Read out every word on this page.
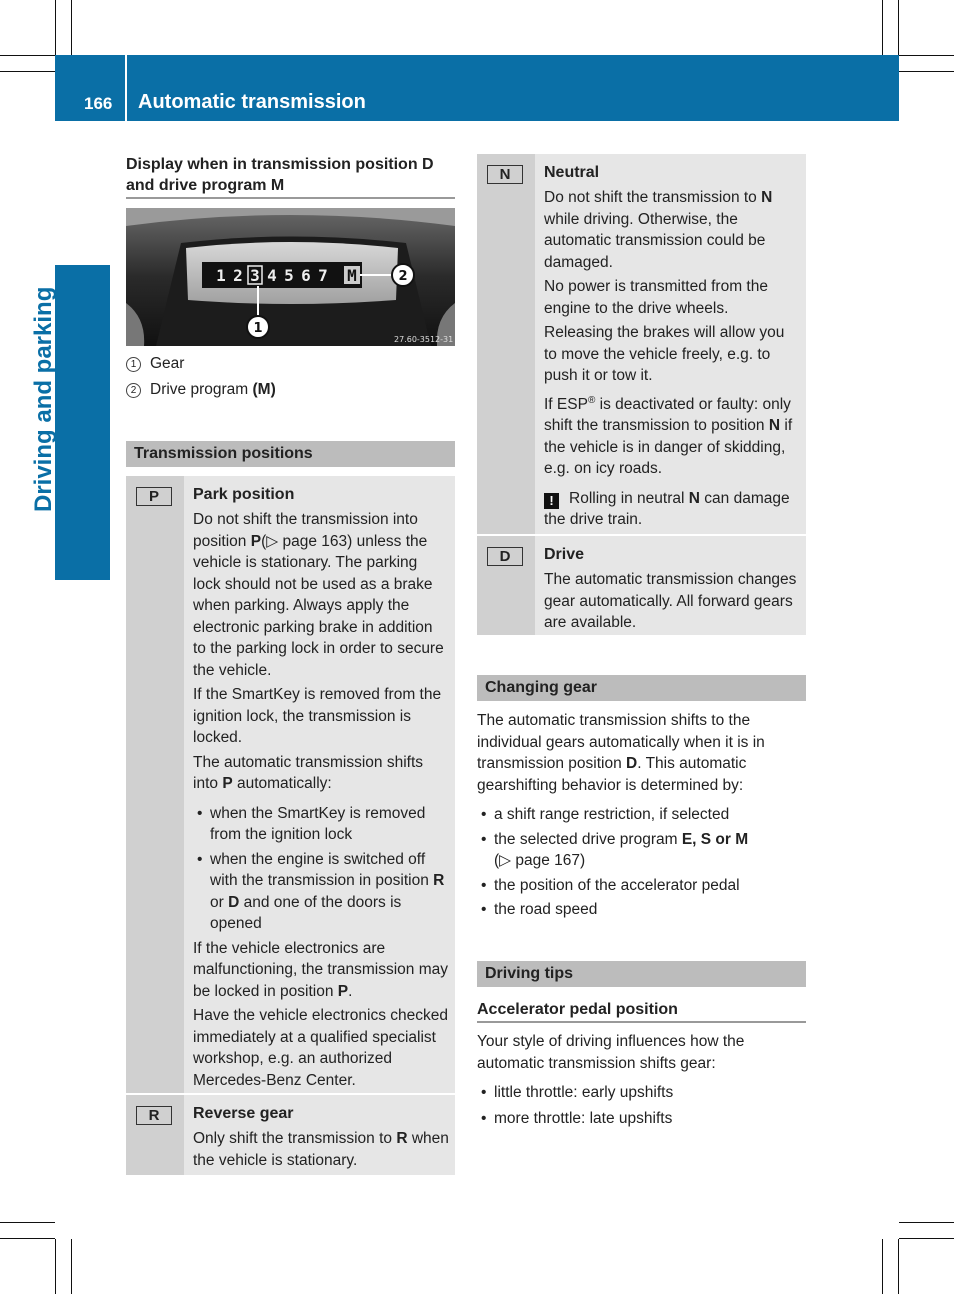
166 Automatic transmission
Driving and parking
Display when in transmission position D and drive program M
1 2 3 4 5 6 7 M	2
1
27.60-3512-31
1 Gear
2 Drive program (M)
Transmission positions
P	Park position

Do not shift the transmission into position P(▷ page 163) unless the vehicle is stationary. The parking lock should not be used as a brake when parking. Always apply the electronic parking brake in addition to the parking lock in order to secure the vehicle.

If the SmartKey is removed from the ignition lock, the transmission is locked.

The automatic transmission shifts into P automatically:

• when the SmartKey is removed from the ignition lock
• when the engine is switched off with the transmission in position R or D and one of the doors is opened

If the vehicle electronics are malfunctioning, the transmission may be locked in position P.

Have the vehicle electronics checked immediately at a qualified specialist workshop, e.g. an authorized Mercedes-Benz Center.

R	Reverse gear

Only shift the transmission to R when the vehicle is stationary.

N	Neutral

Do not shift the transmission to N while driving. Otherwise, the automatic transmission could be damaged.

No power is transmitted from the engine to the drive wheels.

Releasing the brakes will allow you to move the vehicle freely, e.g. to push it or tow it.

If ESP® is deactivated or faulty: only shift the transmission to position N if the vehicle is in danger of skidding, e.g. on icy roads.

! Rolling in neutral N can damage the drive train.

D	Drive

The automatic transmission changes gear automatically. All forward gears are available.

Changing gear

The automatic transmission shifts to the individual gears automatically when it is in transmission position D. This automatic gearshifting behavior is determined by:

• a shift range restriction, if selected
• the selected drive program E, S or M (▷ page 167)
• the position of the accelerator pedal
• the road speed
Driving tips
Accelerator pedal position

Your style of driving influences how the automatic transmission shifts gear:

• little throttle: early upshifts
• more throttle: late upshifts
